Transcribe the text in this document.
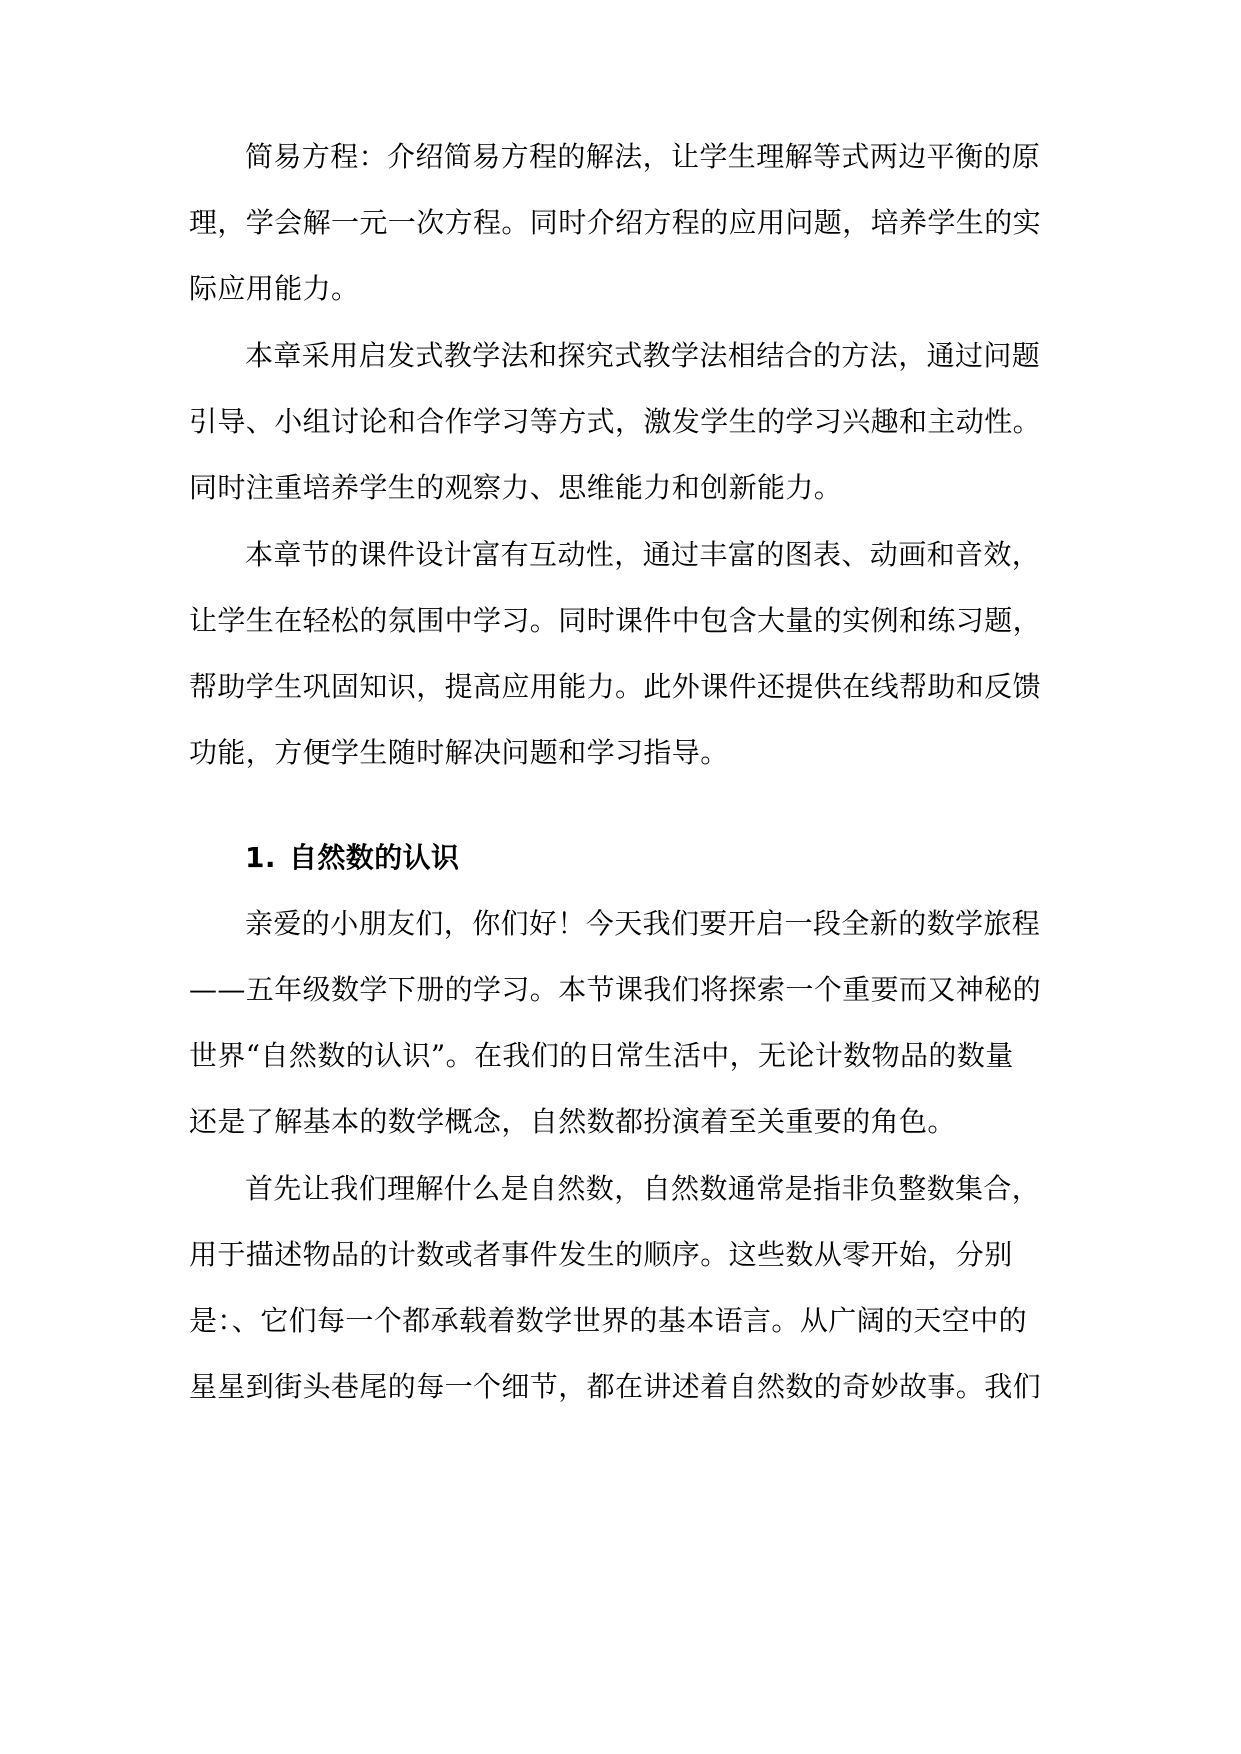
简易方程：介绍简易方程的解法，让学生理解等式两边平衡的原
理，学会解一元一次方程。同时介绍方程的应用问题，培养学生的实
际应用能力。
本章采用启发式教学法和探究式教学法相结合的方法，通过问题
引导、小组讨论和合作学习等方式，激发学生的学习兴趣和主动性。
同时注重培养学生的观察力、思维能力和创新能力。
本章节的课件设计富有互动性，通过丰富的图表、动画和音效，
让学生在轻松的氛围中学习。同时课件中包含大量的实例和练习题，
帮助学生巩固知识，提高应用能力。此外课件还提供在线帮助和反馈
功能，方便学生随时解决问题和学习指导。
1. 自然数的认识
亲爱的小朋友们，你们好！今天我们要开启一段全新的数学旅程
——五年级数学下册的学习。本节课我们将探索一个重要而又神秘的
世界“自然数的认识”。在我们的日常生活中，无论计数物品的数量
还是了解基本的数学概念，自然数都扮演着至关重要的角色。
首先让我们理解什么是自然数，自然数通常是指非负整数集合，
用于描述物品的计数或者事件发生的顺序。这些数从零开始，分别
是：、它们每一个都承载着数学世界的基本语言。从广阔的天空中的
星星到街头巷尾的每一个细节，都在讲述着自然数的奇妙故事。我们
